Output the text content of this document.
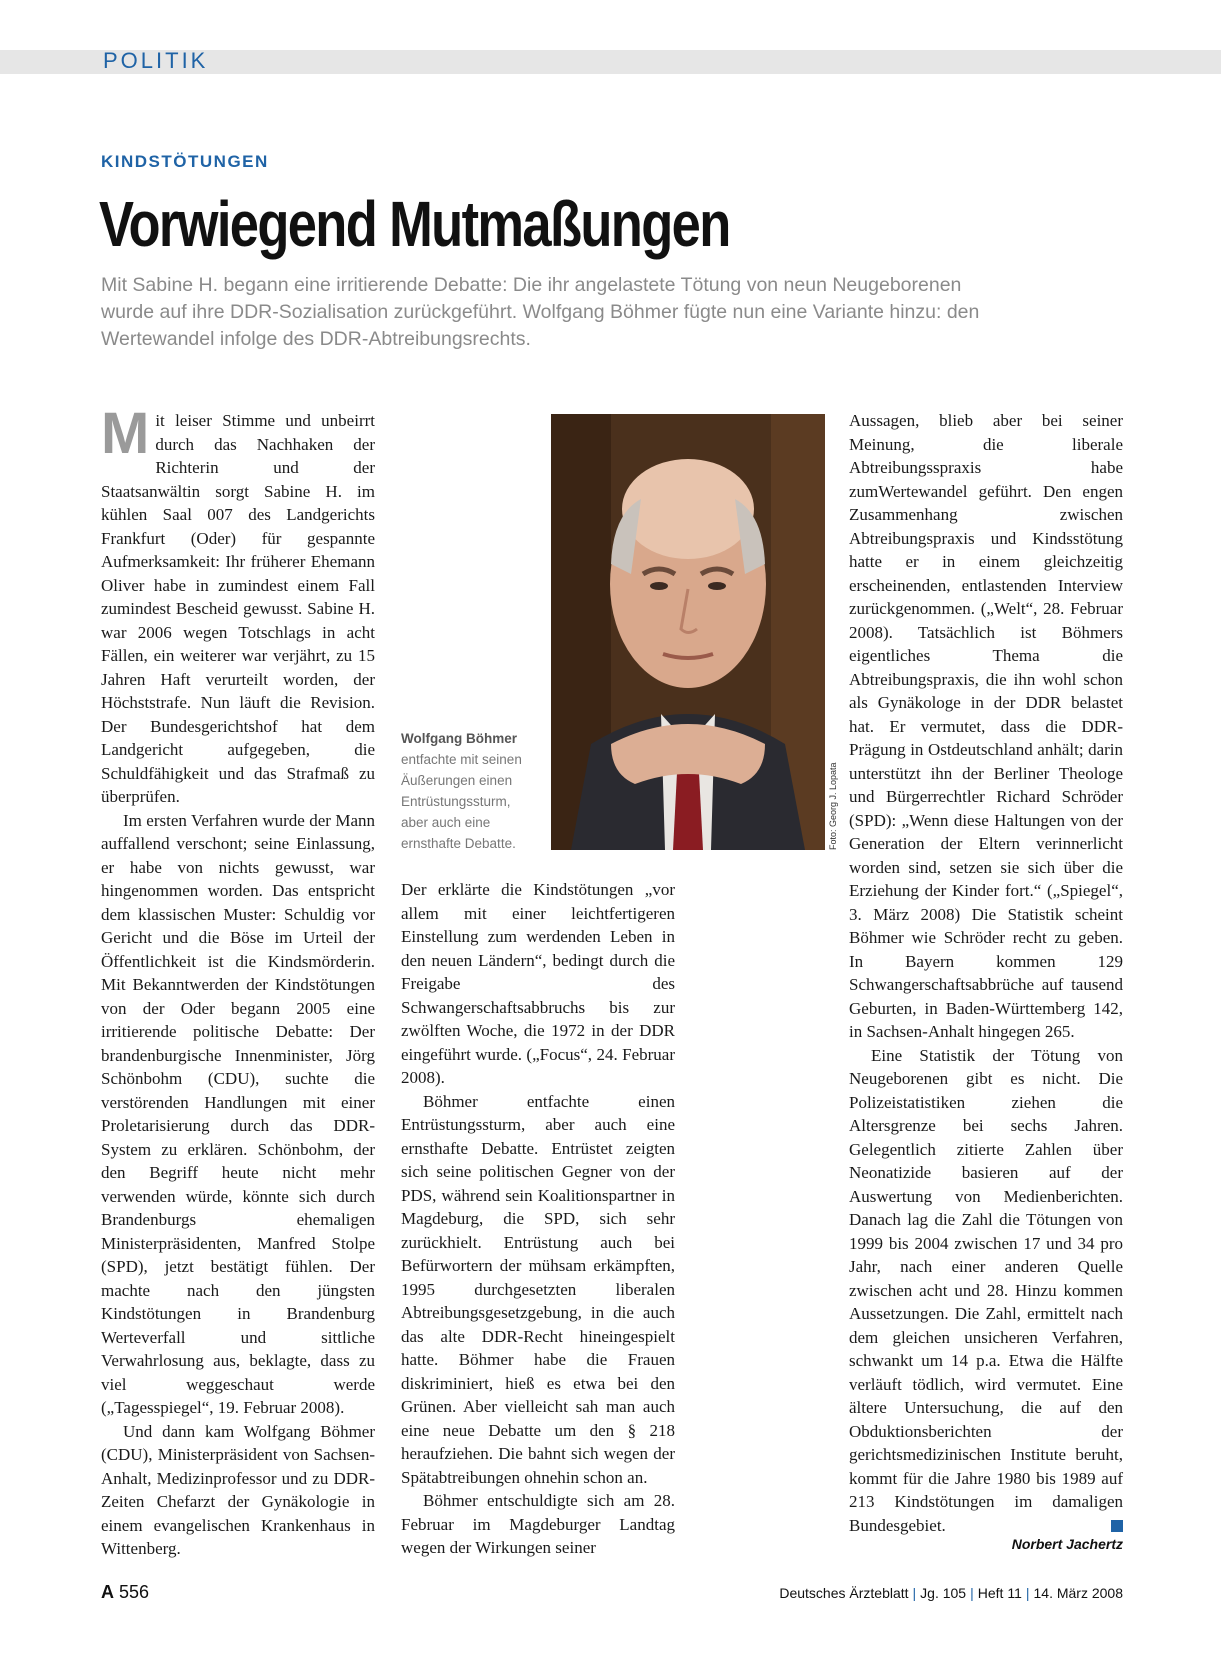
POLITIK
KINDSTÖTUNGEN
Vorwiegend Mutmaßungen
Mit Sabine H. begann eine irritierende Debatte: Die ihr angelastete Tötung von neun Neugeborenen wurde auf ihre DDR-Sozialisation zurückgeführt. Wolfgang Böhmer fügte nun eine Variante hinzu: den Wertewandel infolge des DDR-Abtreibungsrechts.

Mit leiser Stimme und unbeirrt durch das Nachhaken der Richterin und der Staatsanwältin sorgt Sabine H. im kühlen Saal 007 des Landgerichts Frankfurt (Oder) für gespannte Aufmerksamkeit: Ihr früherer Ehemann Oliver habe in zumindest einem Fall zumindest Bescheid gewusst. Sabine H. war 2006 wegen Totschlags in acht Fällen, ein weiterer war verjährt, zu 15 Jahren Haft verurteilt worden, der Höchststrafe. Nun läuft die Revision. Der Bundesgerichtshof hat dem Landgericht aufgegeben, die Schuldfähigkeit und das Strafmaß zu überprüfen.

Im ersten Verfahren wurde der Mann auffallend verschont; seine Einlassung, er habe von nichts gewusst, war hingenommen worden. Das entspricht dem klassischen Muster: Schuldig vor Gericht und die Böse im Urteil der Öffentlichkeit ist die Kindsmörderin. Mit Bekanntwerden der Kindstötungen von der Oder begann 2005 eine irritierende politische Debatte: Der brandenburgische Innenminister, Jörg Schönbohm (CDU), suchte die verstörenden Handlungen mit einer Proletarisierung durch das DDR-System zu erklären. Schönbohm, der den Begriff heute nicht mehr verwenden würde, könnte sich durch Brandenburgs ehemaligen Ministerpräsidenten, Manfred Stolpe (SPD), jetzt bestätigt fühlen. Der machte nach den jüngsten Kindstötungen in Brandenburg Werteverfall und sittliche Verwahrlosung aus, beklagte, dass zu viel weggeschaut werde („Tagesspiegel“, 19. Februar 2008).

Und dann kam Wolfgang Böhmer (CDU), Ministerpräsident von Sachsen-Anhalt, Medizinprofessor und zu DDR-Zeiten Chefarzt der Gynäkologie in einem evangelischen Krankenhaus in Wittenberg.

Foto: Georg J. Lopata
Wolfgang Böhmer
entfachte mit seinen Äußerungen einen Entrüstungssturm, aber auch eine ernsthafte Debatte.

Der erklärte die Kindstötungen „vor allem mit einer leichtfertigeren Einstellung zum werdenden Leben in den neuen Ländern“, bedingt durch die Freigabe des Schwangerschaftsabbruchs bis zur zwölften Woche, die 1972 in der DDR eingeführt wurde. („Focus“, 24. Februar 2008).

Böhmer entfachte einen Entrüstungssturm, aber auch eine ernsthafte Debatte. Entrüstet zeigten sich seine politischen Gegner von der PDS, während sein Koalitionspartner in Magdeburg, die SPD, sich sehr zurückhielt. Entrüstung auch bei Befürwortern der mühsam erkämpften, 1995 durchgesetzten liberalen Abtreibungsgesetzgebung, in die auch das alte DDR-Recht hineingespielt hatte. Böhmer habe die Frauen diskriminiert, hieß es etwa bei den Grünen. Aber vielleicht sah man auch eine neue Debatte um den § 218 heraufziehen. Die bahnt sich wegen der Spätabtreibungen ohnehin schon an.

Böhmer entschuldigte sich am 28. Februar im Magdeburger Landtag wegen der Wirkungen seiner

Aussagen, blieb aber bei seiner Meinung, die liberale Abtreibungsspraxis habe zumWertewandel geführt. Den engen Zusammenhang zwischen Abtreibungspraxis und Kindsstötung hatte er in einem gleichzeitig erscheinenden, entlastenden Interview zurückgenommen. („Welt“, 28. Februar 2008). Tatsächlich ist Böhmers eigentliches Thema die Abtreibungspraxis, die ihn wohl schon als Gynäkologe in der DDR belastet hat. Er vermutet, dass die DDR-Prägung in Ostdeutschland anhält; darin unterstützt ihn der Berliner Theologe und Bürgerrechtler Richard Schröder (SPD): „Wenn diese Haltungen von der Generation der Eltern verinnerlicht worden sind, setzen sie sich über die Erziehung der Kinder fort.“ („Spiegel“, 3. März 2008) Die Statistik scheint Böhmer wie Schröder recht zu geben. In Bayern kommen 129 Schwangerschaftsabbrüche auf tausend Geburten, in Baden-Württemberg 142, in Sachsen-Anhalt hingegen 265.

Eine Statistik der Tötung von Neugeborenen gibt es nicht. Die Polizeistatistiken ziehen die Altersgrenze bei sechs Jahren. Gelegentlich zitierte Zahlen über Neonatizide basieren auf der Auswertung von Medienberichten. Danach lag die Zahl die Tötungen von 1999 bis 2004 zwischen 17 und 34 pro Jahr, nach einer anderen Quelle zwischen acht und 28. Hinzu kommen Aussetzungen. Die Zahl, ermittelt nach dem gleichen unsicheren Verfahren, schwankt um 14 p.a. Etwa die Hälfte verläuft tödlich, wird vermutet. Eine ältere Untersuchung, die auf den Obduktionsberichten der gerichtsmedizinischen Institute beruht, kommt für die Jahre 1980 bis 1989 auf 213 Kindstötungen im damaligen Bundesgebiet.

Norbert Jachertz
A 556	Deutsches Ärzteblatt | Jg. 105 | Heft 11 | 14. März 2008
